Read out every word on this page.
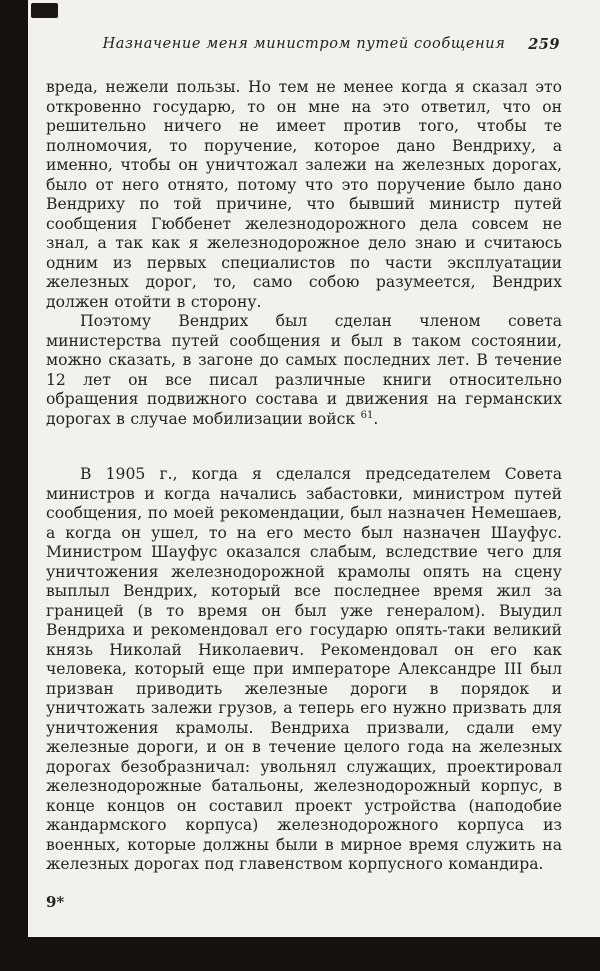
Назначение меня министром путей сообщения 259

вреда, нежели пользы. Но тем не менее когда я сказал это откровенно государю, то он мне на это ответил, что он решительно ничего не имеет против того, чтобы те полномочия, то поручение, которое дано Вендриху, а именно, чтобы он уничтожал залежи на железных дорогах, было от него отнято, потому что это поручение было дано Вендриху по той причине, что бывший министр путей сообщения Гюббенет железнодорожного дела совсем не знал, а так как я железнодорожное дело знаю и считаюсь одним из первых специалистов по части эксплуатации железных дорог, то, само собою разумеется, Вендрих должен отойти в сторону.

Поэтому Вендрих был сделан членом совета министерства путей сообщения и был в таком состоянии, можно сказать, в загоне до самых последних лет. В течение 12 лет он все писал различные книги относительно обращения подвижного состава и движения на германских дорогах в случае мобилизации войск $^{61}$.

В 1905 г., когда я сделался председателем Совета министров и когда начались забастовки, министром путей сообщения, по моей рекомендации, был назначен Немешаев, а когда он ушел, то на его место был назначен Шауфус. Министром Шауфус оказался слабым, вследствие чего для уничтожения железнодорожной крамолы опять на сцену выплыл Вендрих, который все последнее время жил за границей (в то время он был уже генералом). Выудил Вендриха и рекомендовал его государю опять-таки великий князь Николай Николаевич. Рекомендовал он его как человека, который еще при императоре Александре III был призван приводить железные дороги в порядок и уничтожать залежи грузов, а теперь его нужно призвать для уничтожения крамолы. Вендриха призвали, сдали ему железные дороги, и он в течение целого года на железных дорогах безобразничал: увольнял служащих, проектировал железнодорожные батальоны, железнодорожный корпус, в конце концов он составил проект устройства (наподобие жандармского корпуса) железнодорожного корпуса из военных, которые должны были в мирное время служить на железных дорогах под главенством корпусного командира.

9*
